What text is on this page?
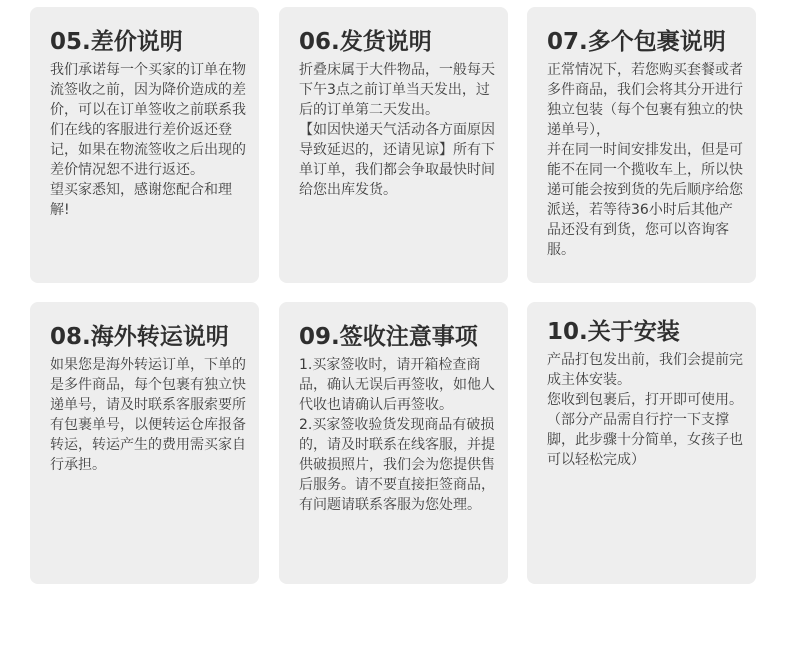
05.差价说明
我们承诺每一个买家的订单在物流签收之前，因为降价造成的差价，可以在订单签收之前联系我们在线的客服进行差价返还登记，如果在物流签收之后出现的差价情况恕不进行返还。
望买家悉知，感谢您配合和理解!
06.发货说明
折叠床属于大件物品，一般每天下午3点之前订单当天发出，过后的订单第二天发出。
【如因快递天气活动各方面原因导致延迟的，还请见谅】所有下单订单，我们都会争取最快时间给您出库发货。
07.多个包裹说明
正常情况下，若您购买套餐或者多件商品，我们会将其分开进行独立包装（每个包裹有独立的快递单号），
并在同一时间安排发出，但是可能不在同一个揽收车上，所以快递可能会按到货的先后顺序给您派送，若等待36小时后其他产品还没有到货，您可以咨询客服。
08.海外转运说明
如果您是海外转运订单，下单的是多件商品，每个包裹有独立快递单号，请及时联系客服索要所有包裹单号，以便转运仓库报备转运，转运产生的费用需买家自行承担。
09.签收注意事项
1.买家签收时，请开箱检查商品，确认无误后再签收，如他人代收也请确认后再签收。
2.买家签收验货发现商品有破损的，请及时联系在线客服，并提供破损照片，我们会为您提供售后服务。请不要直接拒签商品，有问题请联系客服为您处理。
10.关于安装
产品打包发出前，我们会提前完成主体安装。
您收到包裹后，打开即可使用。（部分产品需自行拧一下支撑脚，此步骤十分简单，女孩子也可以轻松完成）
